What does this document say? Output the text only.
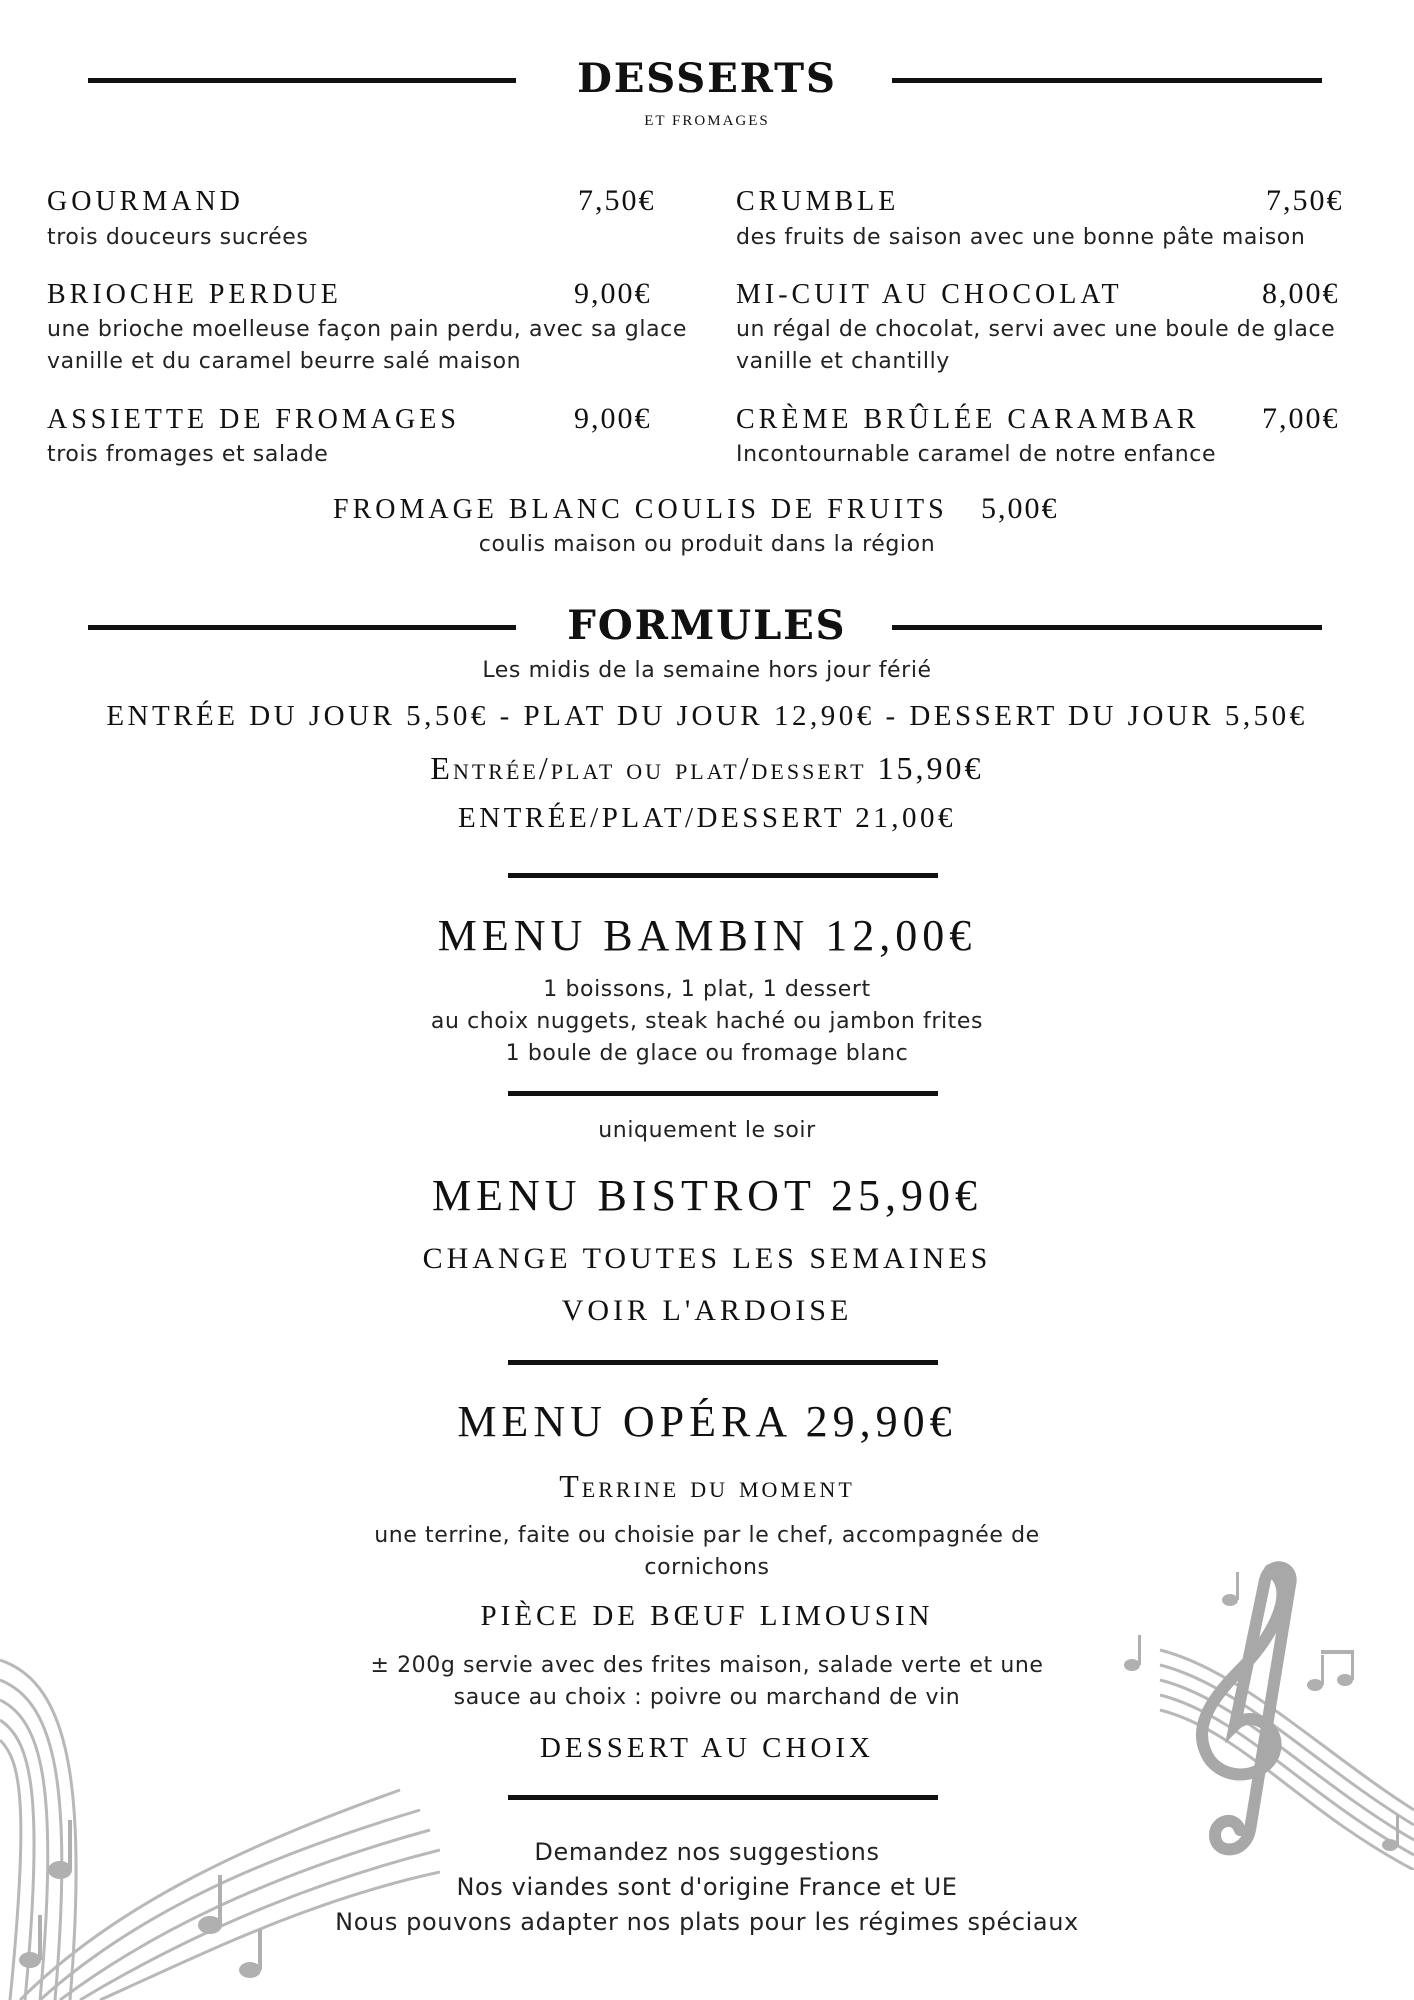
DESSERTS
ET FROMAGES
GOURMAND	7,50€
trois douceurs sucrées
BRIOCHE PERDUE	9,00€
une brioche moelleuse façon pain perdu, avec sa glace vanille et du caramel beurre salé maison
ASSIETTE DE FROMAGES	9,00€
trois fromages et salade
CRUMBLE	7,50€
des fruits de saison avec une bonne pâte maison
MI-CUIT AU CHOCOLAT	8,00€
un régal de chocolat, servi avec une boule de glace vanille et chantilly
CRÈME BRÛLÉE CARAMBAR 7,00€
Incontournable caramel de notre enfance
FROMAGE BLANC COULIS DE FRUITS 5,00€
coulis maison ou produit dans la région
FORMULES
Les midis de la semaine hors jour férié
ENTRÉE DU JOUR 5,50€ - PLAT DU JOUR 12,90€ - DESSERT DU JOUR 5,50€
Entrée/plat ou plat/dessert 15,90€
ENTRÉE/PLAT/DESSERT 21,00€
MENU BAMBIN 12,00€
1 boissons, 1 plat, 1 dessert
au choix nuggets, steak haché ou jambon frites
1 boule de glace ou fromage blanc
uniquement le soir
MENU BISTROT 25,90€
CHANGE TOUTES LES SEMAINES
VOIR L'ARDOISE
MENU OPÉRA 29,90€
Terrine du moment
une terrine, faite ou choisie par le chef, accompagnée de cornichons
PIÈCE DE BŒUF LIMOUSIN
± 200g servie avec des frites maison, salade verte et une sauce au choix : poivre ou marchand de vin
DESSERT AU CHOIX
Demandez nos suggestions
Nos viandes sont d'origine France et UE
Nous pouvons adapter nos plats pour les régimes spéciaux
